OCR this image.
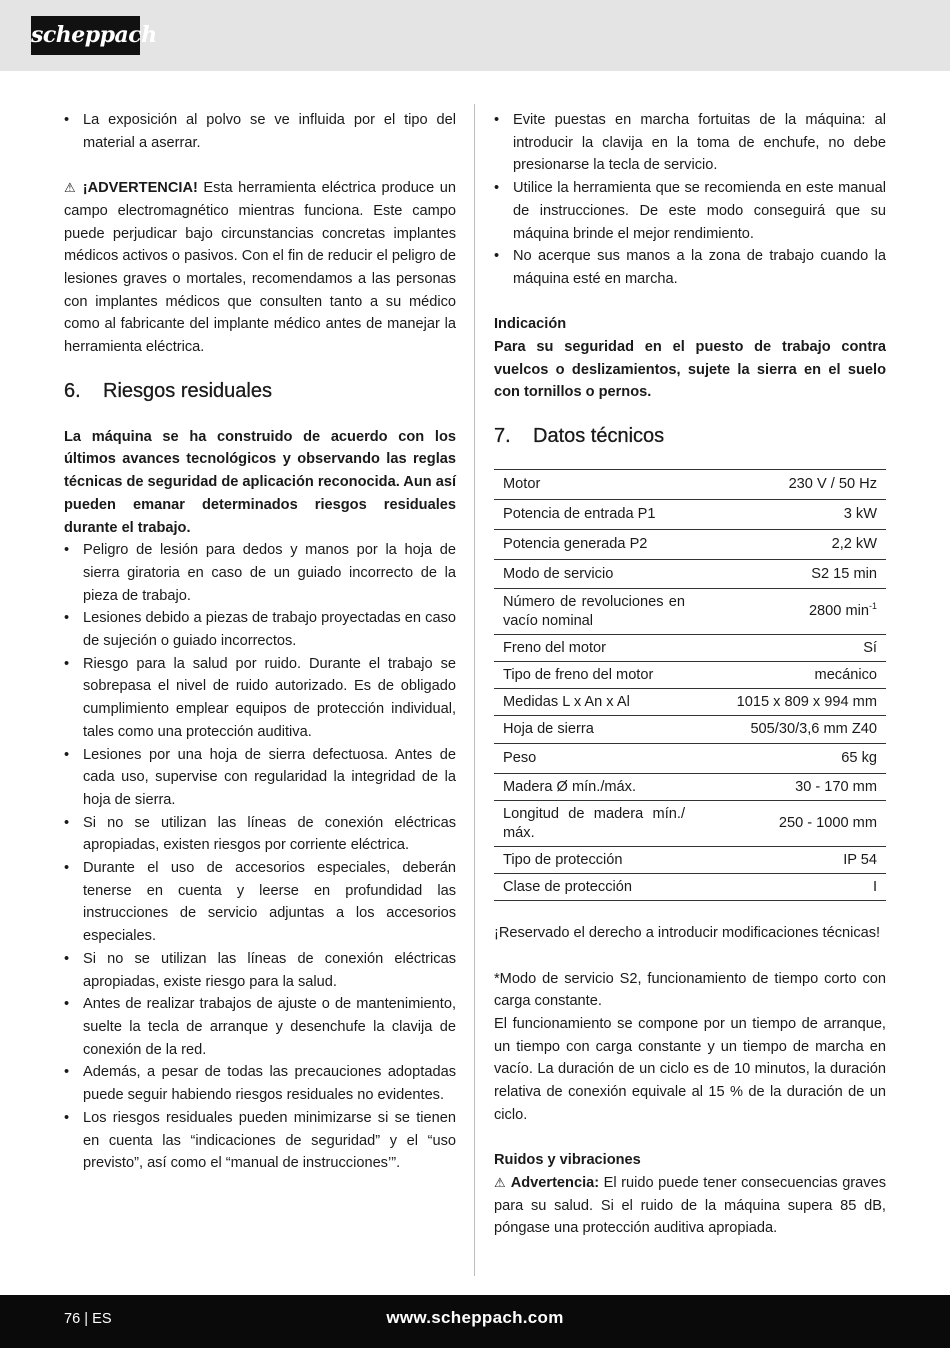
scheppach
• La exposición al polvo se ve influida por el tipo del material a aserrar.

⚠ ¡ADVERTENCIA! Esta herramienta eléctrica produce un campo electromagnético mientras funciona. Este campo puede perjudicar bajo circunstancias concretas implantes médicos activos o pasivos. Con el fin de reducir el peligro de lesiones graves o mortales, recomendamos a las personas con implantes médicos que consulten tanto a su médico como al fabricante del implante médico antes de manejar la herramienta eléctrica.

6. Riesgos residuales

La máquina se ha construido de acuerdo con los últimos avances tecnológicos y observando las reglas técnicas de seguridad de aplicación reconocida. Aun así pueden emanar determinados riesgos residuales durante el trabajo.

• Peligro de lesión para dedos y manos por la hoja de sierra giratoria en caso de un guiado incorrecto de la pieza de trabajo.
• Lesiones debido a piezas de trabajo proyectadas en caso de sujeción o guiado incorrectos.
• Riesgo para la salud por ruido. Durante el trabajo se sobrepasa el nivel de ruido autorizado. Es de obligado cumplimiento emplear equipos de protección individual, tales como una protección auditiva.
• Lesiones por una hoja de sierra defectuosa. Antes de cada uso, supervise con regularidad la integridad de la hoja de sierra.
• Si no se utilizan las líneas de conexión eléctricas apropiadas, existen riesgos por corriente eléctrica.
• Durante el uso de accesorios especiales, deberán tenerse en cuenta y leerse en profundidad las instrucciones de servicio adjuntas a los accesorios especiales.
• Si no se utilizan las líneas de conexión eléctricas apropiadas, existe riesgo para la salud.
• Antes de realizar trabajos de ajuste o de mantenimiento, suelte la tecla de arranque y desenchufe la clavija de conexión de la red.
• Además, a pesar de todas las precauciones adoptadas puede seguir habiendo riesgos residuales no evidentes.
• Los riesgos residuales pueden minimizarse si se tienen en cuenta las “indicaciones de seguridad” y el “uso previsto”, así como el “manual de instrucciones’”.
• Evite puestas en marcha fortuitas de la máquina: al introducir la clavija en la toma de enchufe, no debe presionarse la tecla de servicio.
• Utilice la herramienta que se recomienda en este manual de instrucciones. De este modo conseguirá que su máquina brinde el mejor rendimiento.
• No acerque sus manos a la zona de trabajo cuando la máquina esté en marcha.

Indicación

Para su seguridad en el puesto de trabajo contra vuelcos o deslizamientos, sujete la sierra en el suelo con tornillos o pernos.

7. Datos técnicos
Motor	230 V / 50 Hz
Potencia de entrada P1	3 kW
Potencia generada P2	2,2 kW
Modo de servicio	S2 15 min
Número de revoluciones en vacío nominal	2800 $\min^{-1}$
Freno del motor	Sí
Tipo de freno del motor	mecánico
Medidas L x An x Al	1015 x 809 x 994 mm
Hoja de sierra	505/30/3,6 mm Z40
Peso	65 kg
Madera Ø mín./máx.	30 - 170 mm
Longitud de madera mín./ máx.	250 - 1000 mm
Tipo de protección	IP 54
Clase de protección	I

¡Reservado el derecho a introducir modificaciones técnicas!

*Modo de servicio S2, funcionamiento de tiempo corto con carga constante.

El funcionamiento se compone por un tiempo de arranque, un tiempo con carga constante y un tiempo de marcha en vacío. La duración de un ciclo es de 10 minutos, la duración relativa de conexión equivale al 15 % de la duración de un ciclo.

Ruidos y vibraciones

⚠ Advertencia: El ruido puede tener consecuencias graves para su salud. Si el ruido de la máquina supera 85 dB, póngase una protección auditiva apropiada.

76 | ES	www.scheppach.com
